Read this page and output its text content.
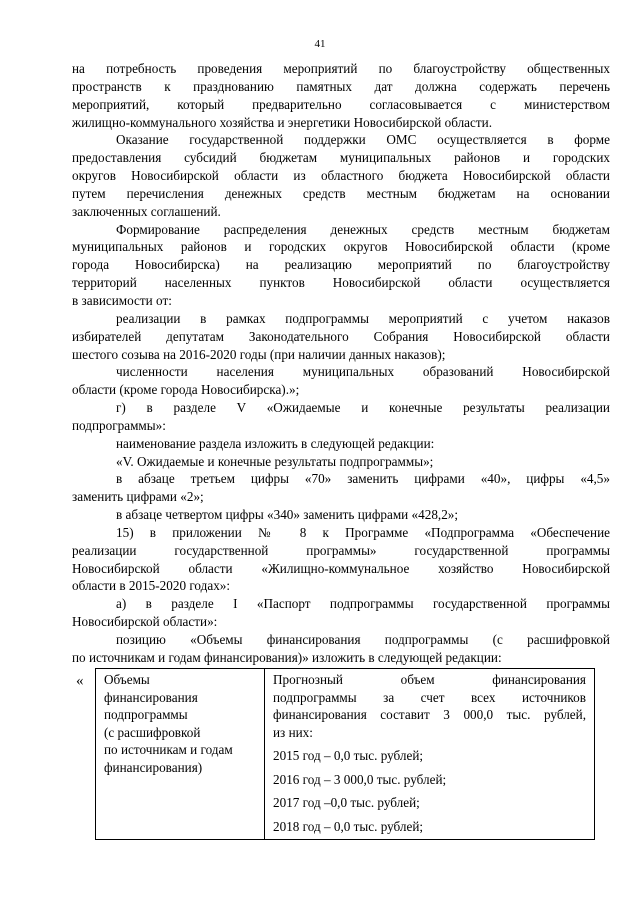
41
на потребность проведения мероприятий по благоустройству общественных
пространств к празднованию памятных дат должна содержать перечень
мероприятий, который предварительно согласовывается с министерством
жилищно-коммунального хозяйства и энергетики Новосибирской области.
Оказание государственной поддержки ОМС осуществляется в форме
предоставления субсидий бюджетам муниципальных районов и городских
округов Новосибирской области из областного бюджета Новосибирской области
путем перечисления денежных средств местным бюджетам на основании
заключенных соглашений.
Формирование распределения денежных средств местным бюджетам
муниципальных районов и городских округов Новосибирской области (кроме
города Новосибирска) на реализацию мероприятий по благоустройству
территорий населенных пунктов Новосибирской области осуществляется
в зависимости от:
реализации в рамках подпрограммы мероприятий с учетом наказов
избирателей депутатам Законодательного Собрания Новосибирской области
шестого созыва на 2016-2020 годы (при наличии данных наказов);
численности населения муниципальных образований Новосибирской
области (кроме города Новосибирска).»;
г) в разделе V «Ожидаемые и конечные результаты реализации
подпрограммы»:
наименование раздела изложить в следующей редакции:
«V. Ожидаемые и конечные результаты подпрограммы»;
в абзаце третьем цифры «70» заменить цифрами «40», цифры «4,5»
заменить цифрами «2»;
в абзаце четвертом цифры «340» заменить цифрами «428,2»;
15) в приложении № 8 к Программе «Подпрограмма «Обеспечение
реализации государственной программы» государственной программы
Новосибирской области «Жилищно-коммунальное хозяйство Новосибирской
области в 2015-2020 годах»:
а) в разделе I «Паспорт подпрограммы государственной программы
Новосибирской области»:
позицию «Объемы финансирования подпрограммы (с расшифровкой
по источникам и годам финансирования)» изложить в следующей редакции:
« Объемы
финансирования
подпрограммы
(с расшифровкой
по источникам и годам
финансирования)

Прогнозный объем финансирования
подпрограммы за счет всех источников
финансирования составит 3 000,0 тыс. рублей,
из них:
2015 год – 0,0 тыс. рублей;
2016 год – 3 000,0 тыс. рублей;
2017 год –0,0 тыс. рублей;
2018 год – 0,0 тыс. рублей;
